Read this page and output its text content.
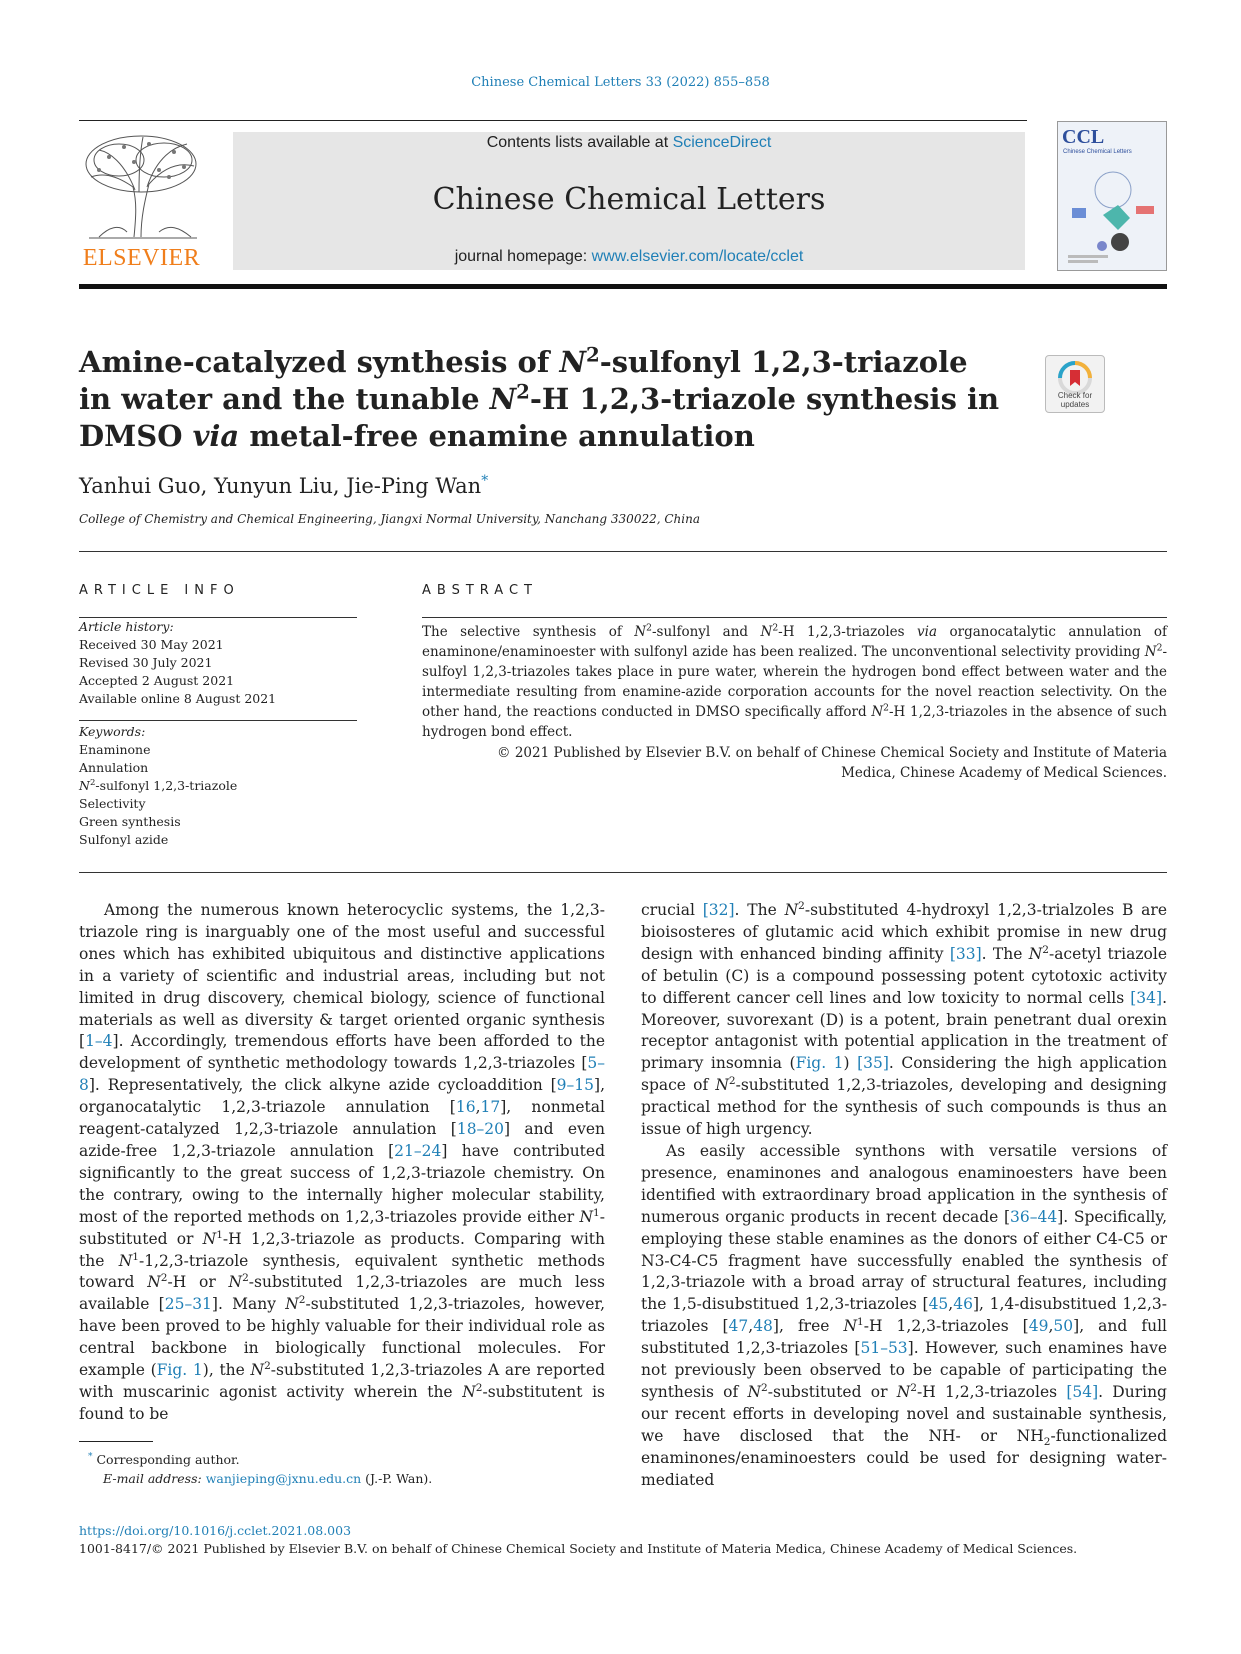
Chinese Chemical Letters 33 (2022) 855–858
ELSEVIER
Contents lists available at ScienceDirect
Chinese Chemical Letters
journal homepage: www.elsevier.com/locate/cclet
CCL
Chinese Chemical Letters
Amine-catalyzed synthesis of $N^2$-sulfonyl 1,2,3-triazole in water and the tunable $N^2-H$ 1,2,3-triazole synthesis in DMSO via metal-free enamine annulation
Check for
updates
Yanhui Guo, Yunyun Liu, Jie-Ping Wan*
College of Chemistry and Chemical Engineering, Jiangxi Normal University, Nanchang 330022, China
ARTICLE INFO	ABSTRACT
Article history:
Received 30 May 2021
Revised 30 July 2021
Accepted 2 August 2021
Available online 8 August 2021
Keywords:
Enaminone
Annulation
$N^2$-sulfonyl 1,2,3-triazole
Selectivity
Green synthesis
Sulfonyl azide
The selective synthesis of $N^2$-sulfonyl and $N^2-H$ 1,2,3-triazoles via organocatalytic annulation of enaminone/enaminoester with sulfonyl azide has been realized. The unconventional selectivity providing $N^2$-sulfoyl 1,2,3-triazoles takes place in pure water, wherein the hydrogen bond effect between water and the intermediate resulting from enamine-azide corporation accounts for the novel reaction selectivity. On the other hand, the reactions conducted in DMSO specifically afford $N^2-H$ 1,2,3-triazoles in the absence of such hydrogen bond effect.
© 2021 Published by Elsevier B.V. on behalf of Chinese Chemical Society and Institute of Materia Medica, Chinese Academy of Medical Sciences.

Among the numerous known heterocyclic systems, the 1,2,3-triazole ring is inarguably one of the most useful and successful ones which has exhibited ubiquitous and distinctive applications in a variety of scientific and industrial areas, including but not limited in drug discovery, chemical biology, science of functional materials as well as diversity & target oriented organic synthesis [1–4]. Accordingly, tremendous efforts have been afforded to the development of synthetic methodology towards 1,2,3-triazoles [5–8]. Representatively, the click alkyne azide cycloaddition [9–15], organocatalytic 1,2,3-triazole annulation [16,17], nonmetal reagent-catalyzed 1,2,3-triazole annulation [18–20] and even azide-free 1,2,3-triazole annulation [21–24] have contributed significantly to the great success of 1,2,3-triazole chemistry. On the contrary, owing to the internally higher molecular stability, most of the reported methods on 1,2,3-triazoles provide either $N^1$-substituted or $N^1-H$ 1,2,3-triazole as products. Comparing with the $N^1-1,2,3$-triazole synthesis, equivalent synthetic methods toward $N^2-H$ or $N^2$-substituted 1,2,3-triazoles are much less available [25–31]. Many $N^2$-substituted 1,2,3-triazoles, however, have been proved to be highly valuable for their individual role as central backbone in biologically functional molecules. For example (Fig. 1), the $N^2$-substituted 1,2,3-triazoles A are reported with muscarinic agonist activity wherein the $N^2$-substitutent is found to be

crucial [32]. The $N^2$-substituted 4-hydroxyl 1,2,3-trialzoles B are bioisosteres of glutamic acid which exhibit promise in new drug design with enhanced binding affinity [33]. The $N^2$-acetyl triazole of betulin (C) is a compound possessing potent cytotoxic activity to different cancer cell lines and low toxicity to normal cells [34]. Moreover, suvorexant (D) is a potent, brain penetrant dual orexin receptor antagonist with potential application in the treatment of primary insomnia (Fig. 1) [35]. Considering the high application space of $N^2$-substituted 1,2,3-triazoles, developing and designing practical method for the synthesis of such compounds is thus an issue of high urgency.

As easily accessible synthons with versatile versions of presence, enaminones and analogous enaminoesters have been identified with extraordinary broad application in the synthesis of numerous organic products in recent decade [36–44]. Specifically, employing these stable enamines as the donors of either C4-C5 or N3-C4-C5 fragment have successfully enabled the synthesis of 1,2,3-triazole with a broad array of structural features, including the 1,5-disubstitued 1,2,3-triazoles [45,46], 1,4-disubstitued 1,2,3-triazoles [47,48], free $N^1-H$ 1,2,3-triazoles [49,50], and full substituted 1,2,3-triazoles [51–53]. However, such enamines have not previously been observed to be capable of participating the synthesis of $N^2$-substituted or $N^2-H$ 1,2,3-triazoles [54]. During our recent efforts in developing novel and sustainable synthesis, we have disclosed that the NH- or $NH_2$-functionalized enaminones/enaminoesters could be used for designing water-mediated

* Corresponding author.
E-mail address: wanjieping@jxnu.edu.cn (J.-P. Wan).
https://doi.org/10.1016/j.cclet.2021.08.003
1001-8417/© 2021 Published by Elsevier B.V. on behalf of Chinese Chemical Society and Institute of Materia Medica, Chinese Academy of Medical Sciences.
